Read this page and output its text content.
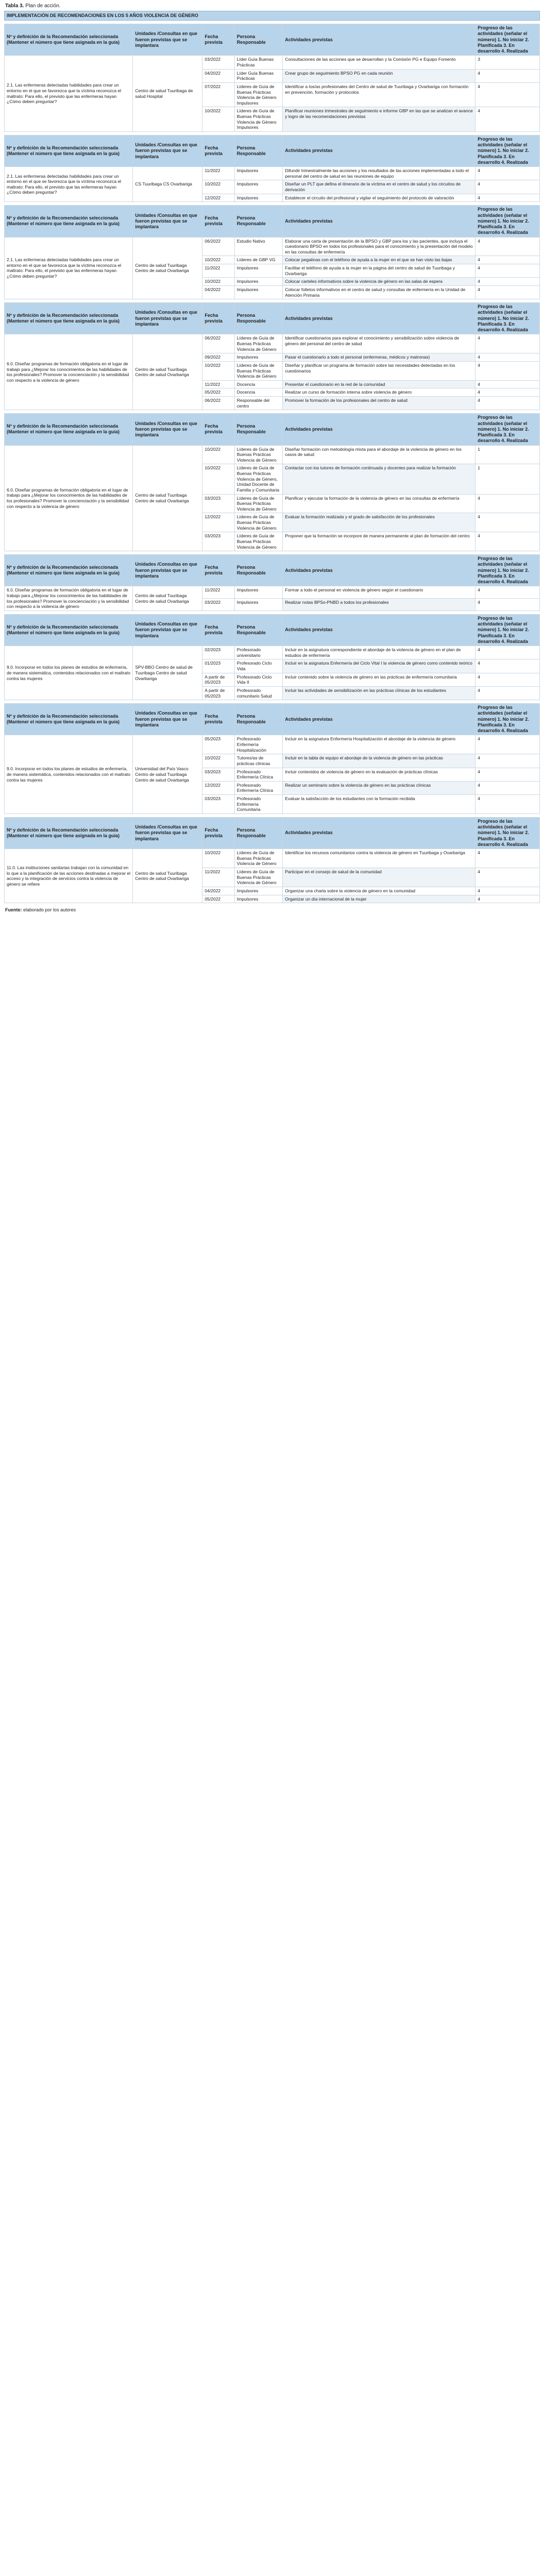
Tabla 3. Plan de acción.
IMPLEMENTACIÓN DE RECOMENDACIONES EN LOS 5 AÑOS VIOLENCIA DE GÉNERO
Nº y definición de la Recomendación seleccionada (Mantener el número que tiene asignada en la guía)	Unidades /Consultas en que fueron previstas que se implantara	Fecha prevista	Persona Responsable	Actividades previstas	Progreso de las actividades (señalar el número) 1. No iniciar 2. Planificada 3. En desarrollo 4. Realizada
2.1. Las enfermeras detectadas habilidades para crear un entorno en el que se favorezca que la víctima reconozca el maltrato: Para ello, el previsto que las enfermeras hayan ¿Cómo deben preguntar?	Centro de salud Tuuribaga de salud Hospital	03/2022	Líder Guía Buenas Prácticas	Consultaciones de las acciones que se desarrollan y la Comisión PG e Equipo Fomento	3
		04/2022	Líder Guía Buenas Prácticas	Crear grupo de seguimiento BPSO PG en cada reunión	4
		07/2022	Líderes de Guía de Buenas Prácticas Violencia de Género Impulsores	Identificar a los/as profesionales del Centro de salud de Tuuribaga y Ovarbariga con formación en prevención, formación y protocolos	4
		10/2022	Líderes de Guía de Buenas Prácticas Violencia de Género Impulsores	Planificar reuniones trimestrales de seguimiento e informe GBP en las que se analizan el avance y logro de las recomendaciones previstas	4
Nº y definición de la Recomendación seleccionada (Mantener el número que tiene asignada en la guía)	Unidades /Consultas en que fueron previstas que se implantara	Fecha prevista	Persona Responsable	Actividades previstas	Progreso de las actividades (señalar el número) 1. No iniciar 2. Planificada 3. En desarrollo 4. Realizada
2.1. Las enfermeras detectadas habilidades para crear un entorno en el que se favorezca que la víctima reconozca el maltrato: Para ello, el previsto que las enfermeras hayan ¿Cómo deben preguntar?	CS Tuuribaga CS Ovarbariga	11/2022	Impulsores	Difundir trimestralmente las acciones y los resultados de las acciones implementadas a todo el personal del centro de salud en las reuniones de equipo	4
		10/2022	Impulsores	Diseñar un PLT que defina el itinerario de la víctima en el centro de salud y los circuitos de derivación	4
		12/2022	Impulsores	Establecer el circuito del profesional y vigilar el seguimiento del protocolo de valoración	4
Nº y definición de la Recomendación seleccionada (Mantener el número que tiene asignada en la guía)	Unidades /Consultas en que fueron previstas que se implantara	Fecha prevista	Persona Responsable	Actividades previstas	Progreso de las actividades (señalar el número) 1. No iniciar 2. Planificada 3. En desarrollo 4. Realizada
2.1. Las enfermeras detectadas habilidades para crear un entorno en el que se favorezca que la víctima reconozca el maltrato: Para ello, el previsto que las enfermeras hayan ¿Cómo deben preguntar?	Centro de salud Tuuribaga Centro de salud Ovarbariga	06/2022	Estudio Nativo	Elaborar una carta de presentación de la BPSO y GBP para los y las pacientes, que incluya el cuestionario BPSO en todos los profesionales para el conocimiento y la presentación del modelo en las consultas de enfermería	4
		10/2022	Líderes de GBP VG	Colocar pegatinas con el teléfono de ayuda a la mujer en el que se han visto las bajas	4
		11/2022	Impulsores	Facilitar el teléfono de ayuda a la mujer en la página del centro de salud de Tuuribaga y Ovarbariga	4
		10/2022	Impulsores	Colocar carteles informativos sobre la violencia de género en las salas de espera	4
		04/2022	Impulsores	Colocar folletos informativos en el centro de salud y consultas de enfermería en la Unidad de Atención Primaria	4
Nº y definición de la Recomendación seleccionada (Mantener el número que tiene asignada en la guía)	Unidades /Consultas en que fueron previstas que se implantara	Fecha prevista	Persona Responsable	Actividades previstas	Progreso de las actividades (señalar el número) 1. No iniciar 2. Planificada 3. En desarrollo 4. Realizada
6.0. Diseñar programas de formación obligatoria en el lugar de trabajo para ¿Mejorar los conocimientos de las habilidades de los profesionales? Promover la concienciación y la sensibilidad con respecto a la violencia de género	Centro de salud Tuuribaga Centro de salud Ovarbariga	06/2022	Líderes de Guía de Buenas Prácticas Violencia de Género	Identificar cuestionarios para explorar el conocimiento y sensibilización sobre violencia de género del personal del centro de salud	4
		09/2022	Impulsores	Pasar el cuestionario a todo el personal (enfermeras, médicos y matronas)	4
		10/2022	Líderes de Guía de Buenas Prácticas Violencia de Género	Diseñar y planificar un programa de formación sobre las necesidades detectadas en los cuestionarios	4
		11/2022	Docencia	Presentar el cuestionario en la red de la comunidad	4
		05/2022	Docencia	Realizar un curso de formación interna sobre violencia de género	4
		06/2022	Responsable del centro	Promover la formación de los profesionales del centro de salud	4
Nº y definición de la Recomendación seleccionada (Mantener el número que tiene asignada en la guía)	Unidades /Consultas en que fueron previstas que se implantara	Fecha prevista	Persona Responsable	Actividades previstas	Progreso de las actividades (señalar el número) 1. No iniciar 2. Planificada 3. En desarrollo 4. Realizada
6.0. Diseñar programas de formación obligatoria en el lugar de trabajo para ¿Mejorar los conocimientos de las habilidades de los profesionales? Promover la concienciación y la sensibilidad con respecto a la violencia de género	Centro de salud Tuuribaga Centro de salud Ovarbariga	10/2022	Líderes de Guía de Buenas Prácticas Violencia de Género	Diseñar formación con metodología mixta para el abordaje de la violencia de género en los casos de salud	1
		10/2022	Líderes de Guía de Buenas Prácticas Violencia de Género, Unidad Docente de Familia y Comunitaria	Contactar con los tutores de formación continuada y docentes para realizar la formación	1
		03/2023	Líderes de Guía de Buenas Prácticas Violencia de Género	Planificar y ejecutar la formación de la violencia de género en las consultas de enfermería	4
		12/2022	Líderes de Guía de Buenas Prácticas Violencia de Género	Evaluar la formación realizada y el grado de satisfacción de los profesionales	4
		03/2023	Líderes de Guía de Buenas Prácticas Violencia de Género	Proponer que la formación se incorpore de manera permanente al plan de formación del centro	4
Nº y definición de la Recomendación seleccionada (Mantener el número que tiene asignada en la guía)	Unidades /Consultas en que fueron previstas que se implantara	Fecha prevista	Persona Responsable	Actividades previstas	Progreso de las actividades (señalar el número) 1. No iniciar 2. Planificada 3. En desarrollo 4. Realizada
6.0. Diseñar programas de formación obligatoria en el lugar de trabajo para ¿Mejorar los conocimientos de las habilidades de los profesionales? Promover la concienciación y la sensibilidad con respecto a la violencia de género	Centro de salud Tuuribaga Centro de salud Ovarbariga	11/2022	Impulsores	Formar a todo el personal en violencia de género según el cuestionario	4
		03/2022	Impulsores	Realizar notas BPSo-PNBD a todos los profesionales	4
Nº y definición de la Recomendación seleccionada (Mantener el número que tiene asignada en la guía)	Unidades /Consultas en que fueron previstas que se implantara	Fecha prevista	Persona Responsable	Actividades previstas	Progreso de las actividades (señalar el número) 1. No iniciar 2. Planificada 3. En desarrollo 4. Realizada
9.0. Incorporar en todos los planes de estudios de enfermería, de manera sistemática, contenidos relacionados con el maltrato contra las mujeres	SPV-BBO Centro de salud de Tuuribaga Centro de salud Ovarbariga	02/2023	Profesorado universitario	Incluir en la asignatura correspondiente el abordaje de la violencia de género en el plan de estudios de enfermería	4
		01/2023	Profesorado Ciclo Vida	Incluir en la asignatura Enfermería del Ciclo Vital I la violencia de género como contenido teórico	4
		A partir de 05/2023	Profesorado Ciclo Vida II	Incluir contenido sobre la violencia de género en las prácticas de enfermería comunitaria	4
		A partir de 05/2023	Profesorado comunitario Salud	Incluir las actividades de sensibilización en las prácticas clínicas de los estudiantes	4
Nº y definición de la Recomendación seleccionada (Mantener el número que tiene asignada en la guía)	Unidades /Consultas en que fueron previstas que se implantara	Fecha prevista	Persona Responsable	Actividades previstas	Progreso de las actividades (señalar el número) 1. No iniciar 2. Planificada 3. En desarrollo 4. Realizada
9.0. Incorporar en todos los planes de estudios de enfermería, de manera sistemática, contenidos relacionados con el maltrato contra las mujeres	Universidad del País Vasco Centro de salud Tuuribaga Centro de salud Ovarbariga	05/2023	Profesorado Enfermería Hospitalización	Incluir en la asignatura Enfermería Hospitalización el abordaje de la violencia de género	4
		10/2022	Tutores/as de prácticas clínicas	Incluir en la tabla de equipo el abordaje de la violencia de género en las prácticas	4
		03/2023	Profesorado Enfermería Clínica	Incluir contenidos de violencia de género en la evaluación de prácticas clínicas	4
		12/2022	Profesorado Enfermería Clínica	Realizar un seminario sobre la violencia de género en las prácticas clínicas	4
		03/2023	Profesorado Enfermería Comunitaria	Evaluar la satisfacción de los estudiantes con la formación recibida	4
Nº y definición de la Recomendación seleccionada (Mantener el número que tiene asignada en la guía)	Unidades /Consultas en que fueron previstas que se implantara	Fecha prevista	Persona Responsable	Actividades previstas	Progreso de las actividades (señalar el número) 1. No iniciar 2. Planificada 3. En desarrollo 4. Realizada
11.0. Las instituciones sanitarias trabajan con la comunidad en lo que a la planificación de las acciones destinadas a mejorar el acceso y la integración de servicios contra la violencia de género se refiere	Centro de salud Tuuribaga Centro de salud Ovarbariga	10/2022	Líderes de Guía de Buenas Prácticas Violencia de Género	Identificar los recursos comunitarios contra la violencia de género en Tuuribaga y Ovarbariga	4
		11/2022	Líderes de Guía de Buenas Prácticas Violencia de Género	Participar en el consejo de salud de la comunidad	4
		04/2022	Impulsores	Organizar una charla sobre la violencia de género en la comunidad	4
		05/2022	Impulsores	Organizar un día internacional de la mujer	4
Fuente: elaborado por los autores
